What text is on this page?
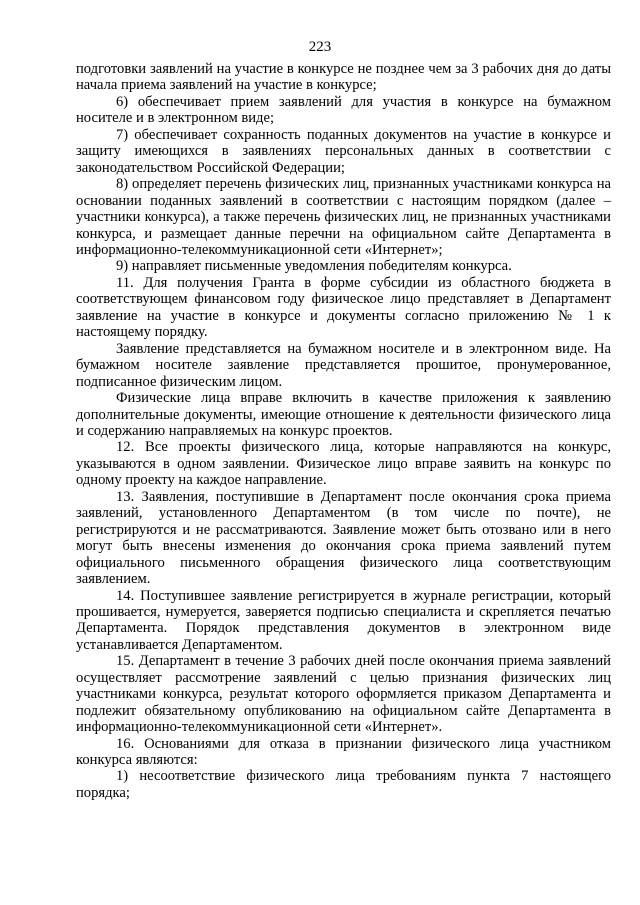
223

подготовки заявлений на участие в конкурсе не позднее чем за 3 рабочих дня до даты начала приема заявлений на участие в конкурсе;

6) обеспечивает прием заявлений для участия в конкурсе на бумажном носителе и в электронном виде;

7) обеспечивает сохранность поданных документов на участие в конкурсе и защиту имеющихся в заявлениях персональных данных в соответствии с законодательством Российской Федерации;

8) определяет перечень физических лиц, признанных участниками конкурса на основании поданных заявлений в соответствии с настоящим порядком (далее – участники конкурса), а также перечень физических лиц, не признанных участниками конкурса, и размещает данные перечни на официальном сайте Департамента в информационно-телекоммуникационной сети «Интернет»;

9) направляет письменные уведомления победителям конкурса.

11. Для получения Гранта в форме субсидии из областного бюджета в соответствующем финансовом году физическое лицо представляет в Департамент заявление на участие в конкурсе и документы согласно приложению № 1 к настоящему порядку.

Заявление представляется на бумажном носителе и в электронном виде. На бумажном носителе заявление представляется прошитое, пронумерованное, подписанное физическим лицом.

Физические лица вправе включить в качестве приложения к заявлению дополнительные документы, имеющие отношение к деятельности физического лица и содержанию направляемых на конкурс проектов.

12. Все проекты физического лица, которые направляются на конкурс, указываются в одном заявлении. Физическое лицо вправе заявить на конкурс по одному проекту на каждое направление.

13. Заявления, поступившие в Департамент после окончания срока приема заявлений, установленного Департаментом (в том числе по почте), не регистрируются и не рассматриваются. Заявление может быть отозвано или в него могут быть внесены изменения до окончания срока приема заявлений путем официального письменного обращения физического лица соответствующим заявлением.

14. Поступившее заявление регистрируется в журнале регистрации, который прошивается, нумеруется, заверяется подписью специалиста и скрепляется печатью Департамента. Порядок представления документов в электронном виде устанавливается Департаментом.

15. Департамент в течение 3 рабочих дней после окончания приема заявлений осуществляет рассмотрение заявлений с целью признания физических лиц участниками конкурса, результат которого оформляется приказом Департамента и подлежит обязательному опубликованию на официальном сайте Департамента в информационно-телекоммуникационной сети «Интернет».

16. Основаниями для отказа в признании физического лица участником конкурса являются:

1) несоответствие физического лица требованиям пункта 7 настоящего порядка;
